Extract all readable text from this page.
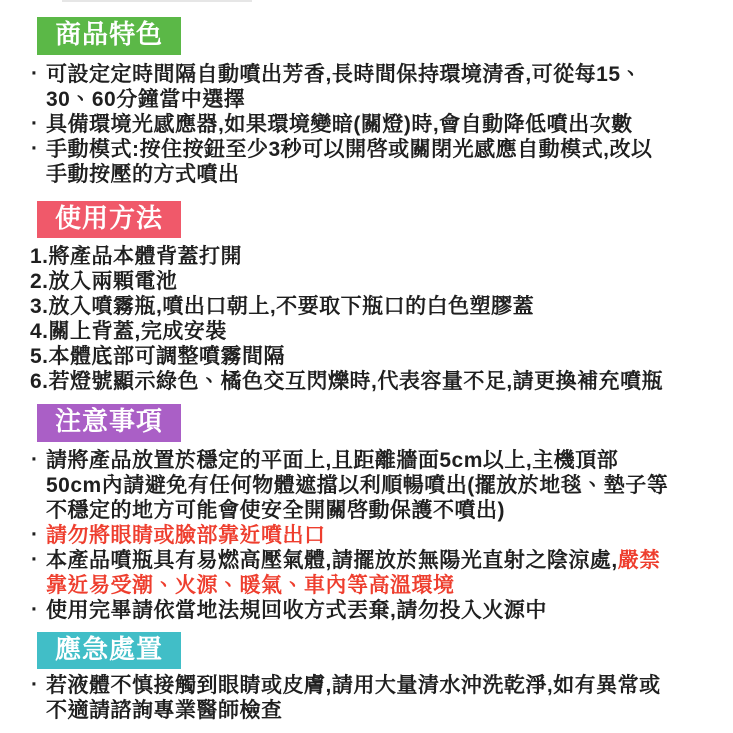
商品特色
· 可設定定時間隔自動噴出芳香,長時間保持環境清香,可從每15、30、60分鐘當中選擇
· 具備環境光感應器,如果環境變暗(關燈)時,會自動降低噴出次數
· 手動模式:按住按鈕至少3秒可以開啓或關閉光感應自動模式,改以手動按壓的方式噴出
使用方法
1.將產品本體背蓋打開
2.放入兩顆電池
3.放入噴霧瓶,噴出口朝上,不要取下瓶口的白色塑膠蓋
4.關上背蓋,完成安裝
5.本體底部可調整噴霧間隔
6.若燈號顯示綠色、橘色交互閃爍時,代表容量不足,請更換補充噴瓶
注意事項
· 請將產品放置於穩定的平面上,且距離牆面5cm以上,主機頂部50cm內請避免有任何物體遮擋以利順暢噴出(擺放於地毯、墊子等不穩定的地方可能會使安全開關啓動保護不噴出)
· 請勿將眼睛或臉部靠近噴出口
· 本產品噴瓶具有易燃高壓氣體,請擺放於無陽光直射之陰涼處,嚴禁靠近易受潮、火源、暖氣、車內等高溫環境
· 使用完畢請依當地法規回收方式丟棄,請勿投入火源中
應急處置
· 若液體不慎接觸到眼睛或皮膚,請用大量清水沖洗乾淨,如有異常或不適請諮詢專業醫師檢查
